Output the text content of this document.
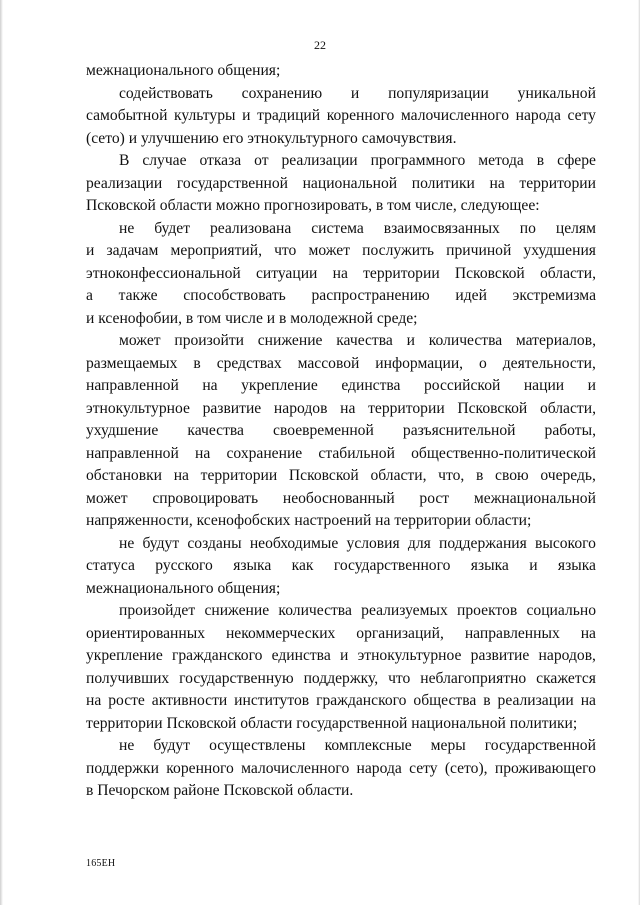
22
межнационального общения;
содействовать сохранению и популяризации уникальной
самобытной культуры и традиций коренного малочисленного народа сету
(сето) и улучшению его этнокультурного самочувствия.
В случае отказа от реализации программного метода в сфере
реализации государственной национальной политики на территории
Псковской области можно прогнозировать, в том числе, следующее:
не будет реализована система взаимосвязанных по целям
и задачам мероприятий, что может послужить причиной ухудшения
этноконфессиональной ситуации на территории Псковской области,
а также способствовать распространению идей экстремизма
и ксенофобии, в том числе и в молодежной среде;
может произойти снижение качества и количества материалов,
размещаемых в средствах массовой информации, о деятельности,
направленной на укрепление единства российской нации и
этнокультурное развитие народов на территории Псковской области,
ухудшение качества своевременной разъяснительной работы,
направленной на сохранение стабильной общественно-политической
обстановки на территории Псковской области, что, в свою очередь,
может спровоцировать необоснованный рост межнациональной
напряженности, ксенофобских настроений на территории области;
не будут созданы необходимые условия для поддержания высокого
статуса русского языка как государственного языка и языка
межнационального общения;
произойдет снижение количества реализуемых проектов социально
ориентированных некоммерческих организаций, направленных на
укрепление гражданского единства и этнокультурное развитие народов,
получивших государственную поддержку, что неблагоприятно скажется
на росте активности институтов гражданского общества в реализации на
территории Псковской области государственной национальной политики;
не будут осуществлены комплексные меры государственной
поддержки коренного малочисленного народа сету (сето), проживающего
в Печорском районе Псковской области.
165ЕН
